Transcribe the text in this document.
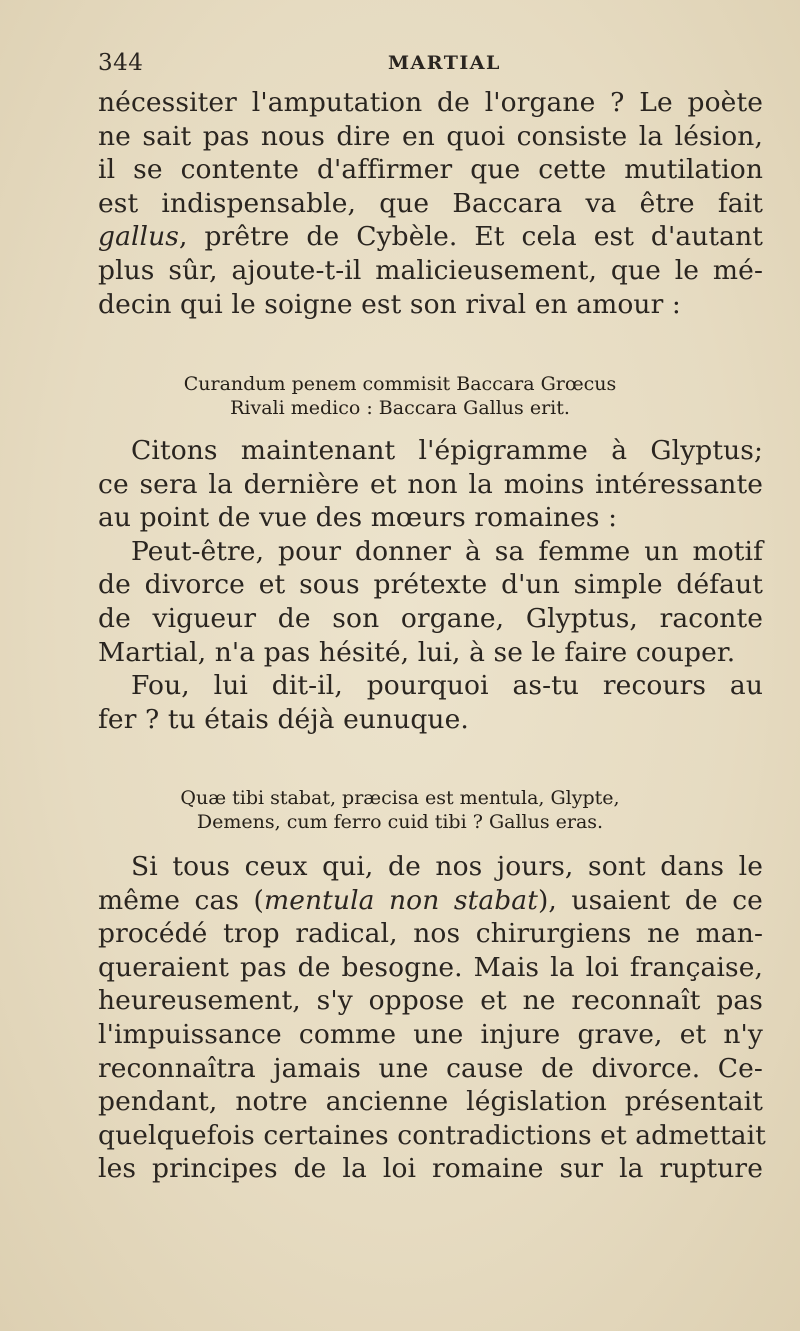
344	MARTIAL
nécessiter l'amputation de l'organe ? Le poète
ne sait pas nous dire en quoi consiste la lésion,
il se contente d'affirmer que cette mutilation
est indispensable, que Baccara va être fait
gallus, prêtre de Cybèle. Et cela est d'autant
plus sûr, ajoute-t-il malicieusement, que le mé-
decin qui le soigne est son rival en amour :
Curandum penem commisit Baccara Grœcus
Rivali medico : Baccara Gallus erit.
Citons maintenant l'épigramme à Glyptus;
ce sera la dernière et non la moins intéressante
au point de vue des mœurs romaines :
Peut-être, pour donner à sa femme un motif
de divorce et sous prétexte d'un simple défaut
de vigueur de son organe, Glyptus, raconte
Martial, n'a pas hésité, lui, à se le faire couper.
Fou, lui dit-il, pourquoi as-tu recours au
fer ? tu étais déjà eunuque.
Quæ tibi stabat, præcisa est mentula, Glypte,
Demens, cum ferro cuid tibi ? Gallus eras.
Si tous ceux qui, de nos jours, sont dans le
même cas (mentula non stabat), usaient de ce
procédé trop radical, nos chirurgiens ne man-
queraient pas de besogne. Mais la loi française,
heureusement, s'y oppose et ne reconnaît pas
l'impuissance comme une injure grave, et n'y
reconnaîtra jamais une cause de divorce. Ce-
pendant, notre ancienne législation présentait
quelquefois certaines contradictions et admettait
les principes de la loi romaine sur la rupture
